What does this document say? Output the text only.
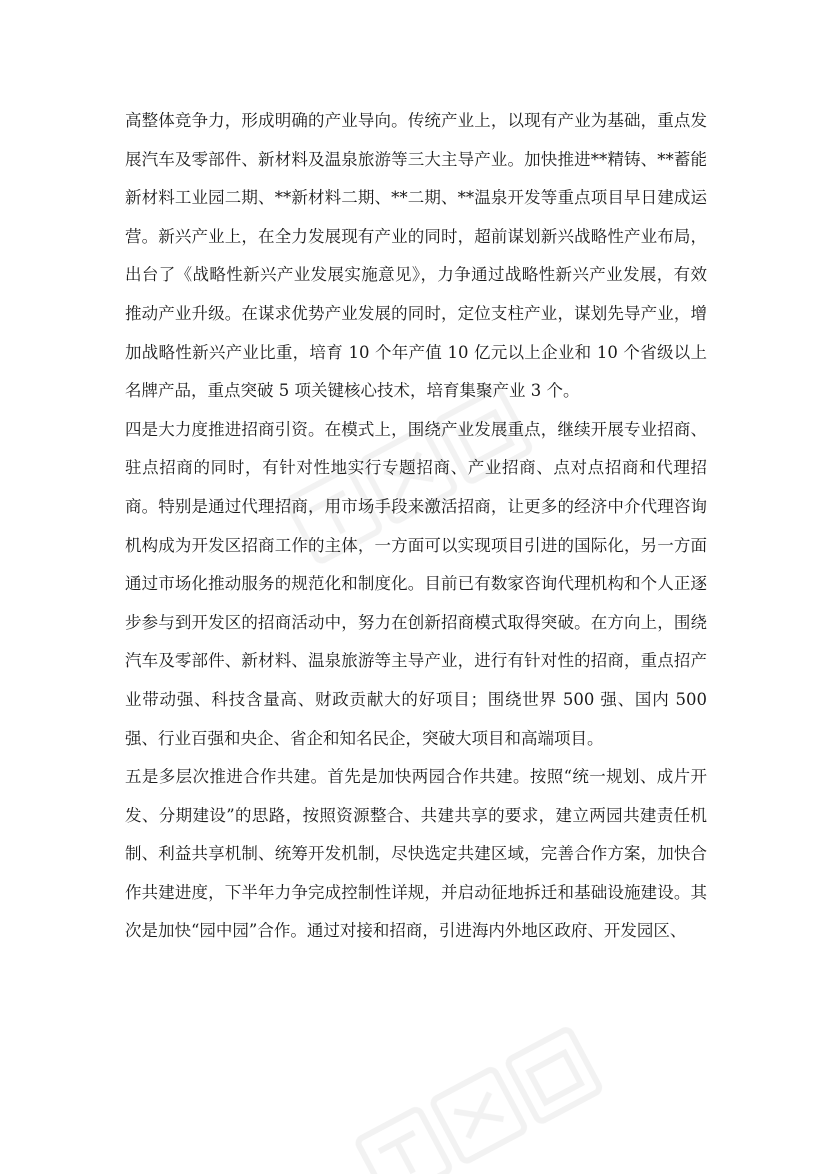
高整体竞争力，形成明确的产业导向。传统产业上，以现有产业为基础，重点发展汽车及零部件、新材料及温泉旅游等三大主导产业。加快推进**精铸、**蓄能新材料工业园二期、**新材料二期、**二期、**温泉开发等重点项目早日建成运营。新兴产业上，在全力发展现有产业的同时，超前谋划新兴战略性产业布局，出台了《战略性新兴产业发展实施意见》，力争通过战略性新兴产业发展，有效推动产业升级。在谋求优势产业发展的同时，定位支柱产业，谋划先导产业，增加战略性新兴产业比重，培育 10 个年产值 10 亿元以上企业和 10 个省级以上名牌产品，重点突破 5 项关键核心技术，培育集聚产业 3 个。

四是大力度推进招商引资。在模式上，围绕产业发展重点，继续开展专业招商、驻点招商的同时，有针对性地实行专题招商、产业招商、点对点招商和代理招商。特别是通过代理招商，用市场手段来激活招商，让更多的经济中介代理咨询机构成为开发区招商工作的主体，一方面可以实现项目引进的国际化，另一方面通过市场化推动服务的规范化和制度化。目前已有数家咨询代理机构和个人正逐步参与到开发区的招商活动中，努力在创新招商模式取得突破。在方向上，围绕汽车及零部件、新材料、温泉旅游等主导产业，进行有针对性的招商，重点招产业带动强、科技含量高、财政贡献大的好项目；围绕世界 500 强、国内 500 强、行业百强和央企、省企和知名民企，突破大项目和高端项目。

五是多层次推进合作共建。首先是加快两园合作共建。按照“统一规划、成片开发、分期建设”的思路，按照资源整合、共建共享的要求，建立两园共建责任机制、利益共享机制、统筹开发机制，尽快选定共建区域，完善合作方案，加快合作共建进度，下半年力争完成控制性详规，并启动征地拆迁和基础设施建设。其次是加快“园中园”合作。通过对接和招商，引进海内外地区政府、开发园区、
